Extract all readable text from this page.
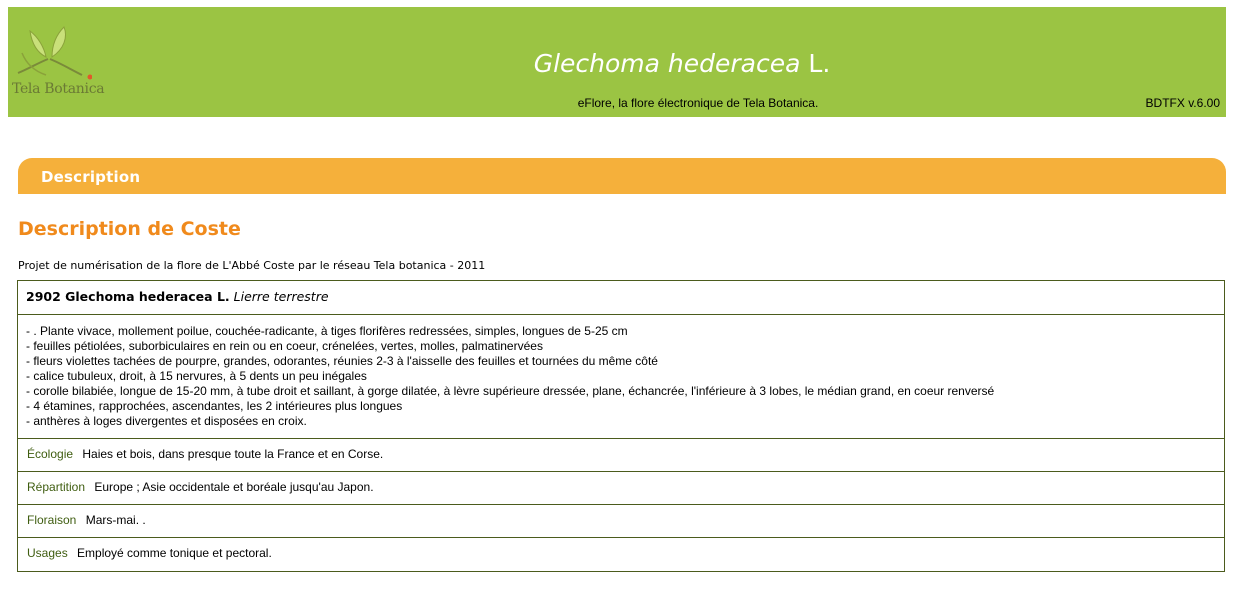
Tela Botanica
Glechoma hederacea L.
eFlore, la flore électronique de Tela Botanica.	BDTFX v.6.00
Description
Description de Coste
Projet de numérisation de la flore de L'Abbé Coste par le réseau Tela botanica - 2011
2902 Glechoma hederacea L. Lierre terrestre
- . Plante vivace, mollement poilue, couchée-radicante, à tiges florifères redressées, simples, longues de 5-25 cm
- feuilles pétiolées, suborbiculaires en rein ou en coeur, crénelées, vertes, molles, palmatinervées
- fleurs violettes tachées de pourpre, grandes, odorantes, réunies 2-3 à l'aisselle des feuilles et tournées du même côté
- calice tubuleux, droit, à 15 nervures, à 5 dents un peu inégales
- corolle bilabiée, longue de 15-20 mm, à tube droit et saillant, à gorge dilatée, à lèvre supérieure dressée, plane, échancrée, l'inférieure à 3 lobes, le médian grand, en coeur renversé
- 4 étamines, rapprochées, ascendantes, les 2 intérieures plus longues
- anthères à loges divergentes et disposées en croix.
Écologie Haies et bois, dans presque toute la France et en Corse.
Répartition Europe ; Asie occidentale et boréale jusqu'au Japon.
Floraison Mars-mai. .
Usages Employé comme tonique et pectoral.
